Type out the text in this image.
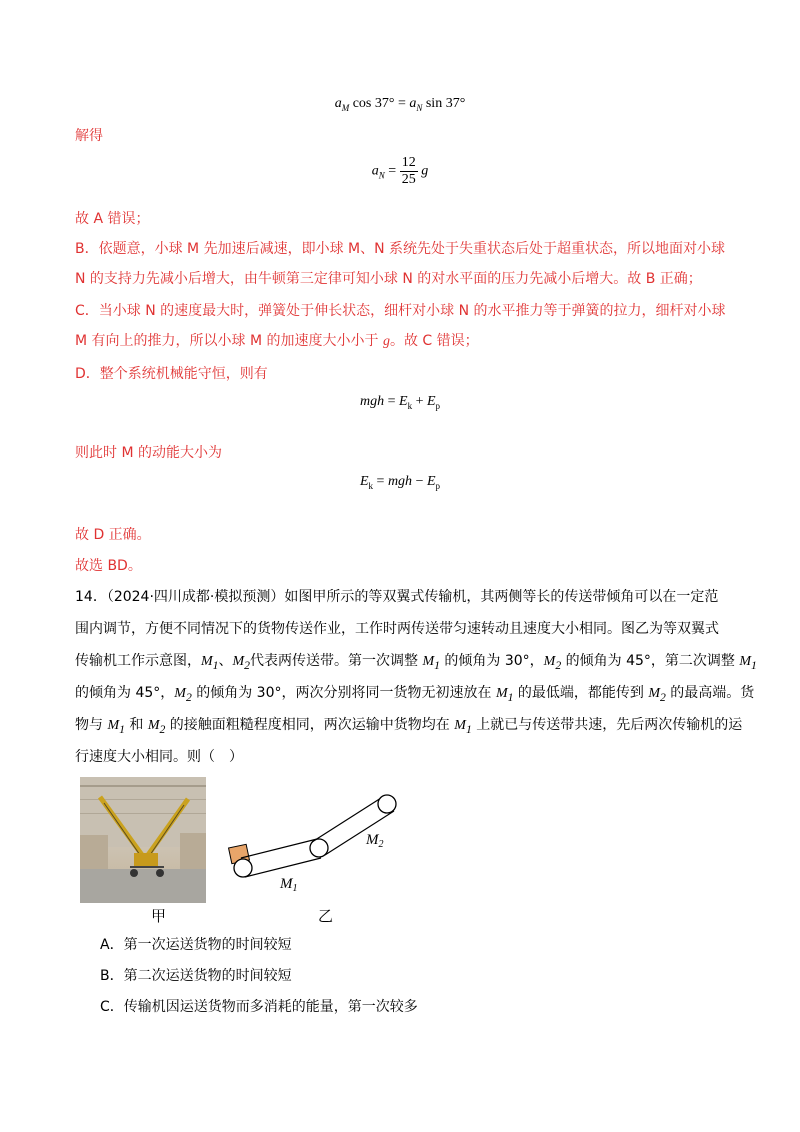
$a_M$ $\cos 37^\circ = a_N$ sin 37°
解得
$a_N = \frac{12}{25}$ g
故 A 错误；
B．依题意，小球 M 先加速后减速，即小球 M、N 系统先处于失重状态后处于超重状态，所以地面对小球
N 的支持力先减小后增大，由牛顿第三定律可知小球 N 的对水平面的压力先减小后增大。故 B 正确；
C．当小球 N 的速度最大时，弹簧处于伸长状态，细杆对小球 N 的水平推力等于弹簧的拉力，细杆对小球
M 有向上的推力，所以小球 M 的加速度大小小于 g。故 C 错误；
D．整个系统机械能守恒，则有
mgh = $E_k + E_p$
则此时 M 的动能大小为
$E_k$ = mgh − $E_p$
故 D 正确。
故选 BD。
14．（2024·四川成都·模拟预测）如图甲所示的等双翼式传输机，其两侧等长的传送带倾角可以在一定范
围内调节，方便不同情况下的货物传送作业，工作时两传送带匀速转动且速度大小相同。图乙为等双翼式
传输机工作示意图，$M_1$、$M_2$代表两传送带。第一次调整 $M_1$ 的倾角为 30°，$M_2$ 的倾角为 45°，第二次调整 $M_1$
的倾角为 45°，$M_2$ 的倾角为 30°，两次分别将同一货物无初速放在 $M_1$ 的最低端，都能传到 $M_2$ 的最高端。货
物与 $M_1$ 和 $M_2$ 的接触面粗糙程度相同，两次运输中货物均在 $M_1$ 上就已与传送带共速，先后两次传输机的运
行速度大小相同。则（　）
甲
$M_1$
$M_2$
乙
A．第一次运送货物的时间较短
B．第二次运送货物的时间较短
C．传输机因运送货物而多消耗的能量，第一次较多
